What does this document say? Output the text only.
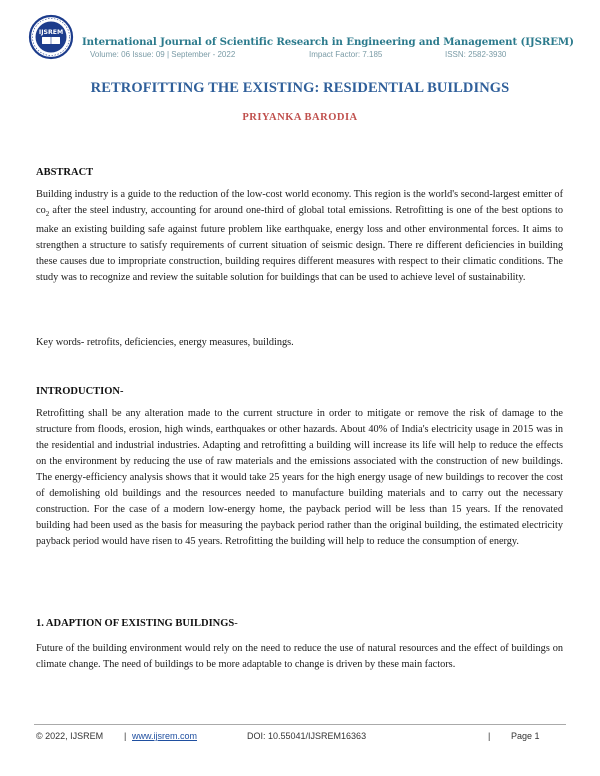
IJSREM
International Journal of Scientific Research in Engineering and Management (IJSREM)
Volume: 06 Issue: 09 | September - 2022	Impact Factor: 7.185	ISSN: 2582-3930
RETROFITTING THE EXISTING: RESIDENTIAL BUILDINGS
PRIYANKA BARODIA
ABSTRACT
Building industry is a guide to the reduction of the low-cost world economy. This region is the world's second-largest emitter of $co_2$ after the steel industry, accounting for around one-third of global total emissions. Retrofitting is one of the best options to make an existing building safe against future problem like earthquake, energy loss and other environmental forces. It aims to strengthen a structure to satisfy requirements of current situation of seismic design. There re different deficiencies in building these causes due to impropriate construction, building requires different measures with respect to their climatic conditions. The study was to recognize and review the suitable solution for buildings that can be used to achieve level of sustainability.
Key words- retrofits, deficiencies, energy measures, buildings.
INTRODUCTION-
Retrofitting shall be any alteration made to the current structure in order to mitigate or remove the risk of damage to the structure from floods, erosion, high winds, earthquakes or other hazards. About 40% of India's electricity usage in 2015 was in the residential and industrial industries. Adapting and retrofitting a building will increase its life will help to reduce the effects on the environment by reducing the use of raw materials and the emissions associated with the construction of new buildings. The energy-efficiency analysis shows that it would take 25 years for the high energy usage of new buildings to recover the cost of demolishing old buildings and the resources needed to manufacture building materials and to carry out the necessary construction. For the case of a modern low-energy home, the payback period will be less than 15 years. If the renovated building had been used as the basis for measuring the payback period rather than the original building, the estimated electricity payback period would have risen to 45 years. Retrofitting the building will help to reduce the consumption of energy.
1. ADAPTION OF EXISTING BUILDINGS-
Future of the building environment would rely on the need to reduce the use of natural resources and the effect of buildings on climate change. The need of buildings to be more adaptable to change is driven by these main factors.
© 2022, IJSREM | www.ijsrem.com	DOI: 10.55041/IJSREM16363	| Page 1
